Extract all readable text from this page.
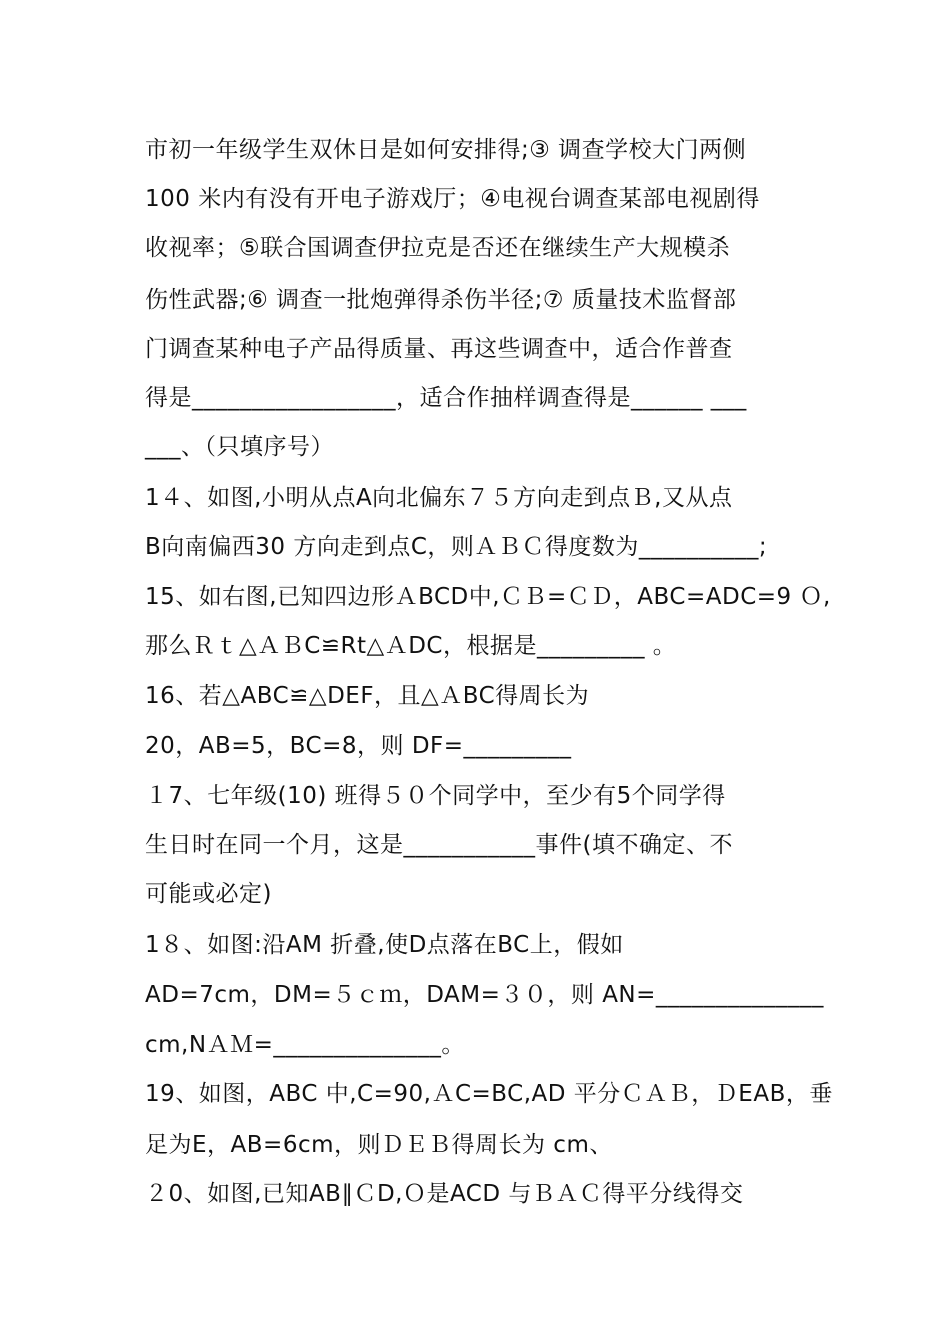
市初一年级学生双休日是如何安排得;③ 调查学校大门两侧
100 米内有没有开电子游戏厅；④电视台调查某部电视剧得
收视率；⑤联合国调查伊拉克是否还在继续生产大规模杀
伤性武器;⑥ 调查一批炮弹得杀伤半径;⑦ 质量技术监督部
门调查某种电子产品得质量、再这些调查中，适合作普查
得是_________________，适合作抽样调查得是______ ___
___、（只填序号）
1４、如图,小明从点A向北偏东７５方向走到点Ｂ,又从点
B向南偏西30 方向走到点C，则ＡＢＣ得度数为__________;
15、如右图,已知四边形ＡBCD中,ＣＢ=ＣＤ，ABC=ADC=9 Ｏ,
那么Ｒｔ△ＡＢC≌Rt△ＡDC，根据是_________ 。
16、若△ABC≌△DEF，且△ＡBC得周长为
20，AB=5，BC=8，则 DF=_________
１7、七年级(10) 班得５０个同学中，至少有5个同学得
生日时在同一个月，这是___________事件(填不确定、不
可能或必定)
1８、如图:沿AM 折叠,使D点落在BC上，假如
AD=7cm，DM=５ｃｍ，DAM=３０，则 AN=______________
cm,NＡＭ=______________。
19、如图，ABC 中,C=90,ＡC=BC,AD 平分ＣＡＢ，ＤEAB，垂
足为E，AB=6cm，则ＤＥＢ得周长为 cm、
２0、如图,已知AB∥ＣD,Ｏ是ACD 与ＢＡＣ得平分线得交
